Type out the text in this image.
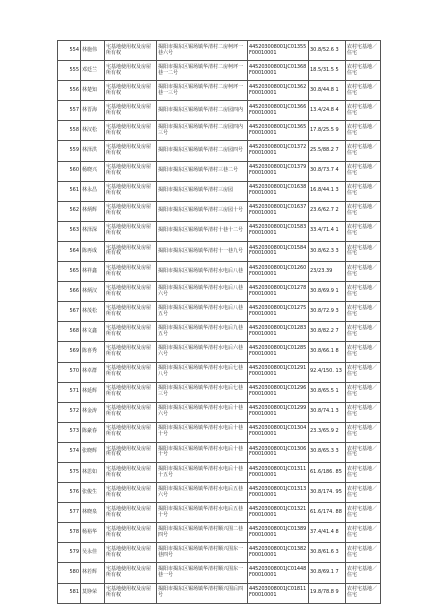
554	林施伟	宅基地使用权及房屋所有权	揭阳市揭东区锡场镇华清村二房柯坪一巷六号	445203008001JC01355F00010001	30.8/52.6 3	农村宅基地／住宅
555	邓廷兰	宅基地使用权及房屋所有权	揭阳市揭东区锡场镇华清村二房柯坪一巷一二号	445203008001JC01368F00010001	18.5/31.5 5	农村宅基地／住宅
556	林楚知	宅基地使用权及房屋所有权	揭阳市揭东区锡场镇华清村二房柯坪一巷一三号	445203008001JC01362F00010001	30.8/44.8 1	农村宅基地／住宅
557	林晋海	宅基地使用权及房屋所有权	揭阳市揭东区锡场镇华清村二房园四内	445203008001JC01366F00010001	13.4/24.8 4	农村宅基地／住宅
558	林汉松	宅基地使用权及房屋所有权	揭阳市揭东区锡场镇华清村二房园四内三号	445203008001JC01365F00010001	17.8/25.5 9	农村宅基地／住宅
559	林泽洪	宅基地使用权及房屋所有权	揭阳市揭东区锡场镇华清村二房园四号	445203008001JC01372F00010001	25.5/88.2 7	农村宅基地／住宅
560	杨晓兴	宅基地使用权及房屋所有权	揭阳市揭东区锡场镇华清村三巷二号	445203008001JC01379F00010001	30.8/73.7 4	农村宅基地／住宅
561	林永昌	宅基地使用权及房屋所有权	揭阳市揭东区锡场镇华清村三房园	445203008001JC01638F00010001	16.8/44.1 3	农村宅基地／住宅
562	林炳辉	宅基地使用权及房屋所有权	揭阳市揭东区锡场镇华清村三房园十号	445203008001JC01637F00010001	23.6/62.7 2	农村宅基地／住宅
563	林泽深	宅基地使用权及房屋所有权	揭阳市揭东区锡场镇华清村十巷十二号	445203008001JC01583F00010001	33.4/71.4 1	农村宅基地／住宅
564	陈再成	宅基地使用权及房屋所有权	揭阳市揭东区锡场镇华清村十一巷九号	445203008001JC01584F00010001	30.8/62.3 3	农村宅基地／住宅
565	林祥鑫	宅基地使用权及房屋所有权	揭阳市揭东区锡场镇华清村水电后八巷	445203008001JC01260F00010001	23/23.39	农村宅基地／住宅
566	林炳汉	宅基地使用权及房屋所有权	揭阳市揭东区锡场镇华清村水电后八巷六号	445203008001JC01278F00010001	30.8/69.9 1	农村宅基地／住宅
567	林茂松	宅基地使用权及房屋所有权	揭阳市揭东区锡场镇华清村水电后八巷五号	445203008001JC01275F00010001	30.8/72.9 3	农村宅基地／住宅
568	林文鑫	宅基地使用权及房屋所有权	揭阳市揭东区锡场镇华清村水电后九巷五号	445203008001JC01283F00010001	30.8/82.2 7	农村宅基地／住宅
569	陈喜秀	宅基地使用权及房屋所有权	揭阳市揭东区锡场镇华清村水电后六巷六号	445203008001JC01285F00010001	30.8/66.1 8	农村宅基地／住宅
570	林卓群	宅基地使用权及房屋所有权	揭阳市揭东区锡场镇华清村水电后七巷八号	445203008001JC01291F00010001	92.4/150. 13	农村宅基地／住宅
571	林延辉	宅基地使用权及房屋所有权	揭阳市揭东区锡场镇华清村水电后七巷三号	445203008001JC01296F00010001	30.8/65.5 1	农村宅基地／住宅
572	林金涛	宅基地使用权及房屋所有权	揭阳市揭东区锡场镇华清村水电后十巷六号	445203008001JC01299F00010001	30.8/74.1 3	农村宅基地／住宅
573	陈豪春	宅基地使用权及房屋所有权	揭阳市揭东区锡场镇华清村水电后十巷十号	445203008001JC01304F00010001	23.3/65.9 2	农村宅基地／住宅
574	张晓辉	宅基地使用权及房屋所有权	揭阳市揭东区锡场镇华清村水电后十巷十号	445203008001JC01306F00010001	30.8/65.3 3	农村宅基地／住宅
575	林思如	宅基地使用权及房屋所有权	揭阳市揭东区锡场镇华清村水电后十巷十五号	445203008001JC01311F00010001	61.6/186. 85	农村宅基地／住宅
576	张俊生	宅基地使用权及房屋所有权	揭阳市揭东区锡场镇华清村水电后五巷六号	445203008001JC01313F00010001	30.8/174. 95	农村宅基地／住宅
577	林晓泉	宅基地使用权及房屋所有权	揭阳市揭东区锡场镇华清村水电后五巷十号	445203008001JC01321F00010001	61.6/174. 88	农村宅基地／住宅
578	杨裕华	宅基地使用权及房屋所有权	揭阳市揭东区锡场镇华清村顺兴围二巷四号	445203008001JC01389F00010001	37.4/41.4 8	农村宅基地／住宅
579	吴永佳	宅基地使用权及房屋所有权	揭阳市揭东区锡场镇华清村顺兴围东一巷四号	445203008001JC01382F00010001	30.8/61.6 3	农村宅基地／住宅
580	林若辉	宅基地使用权及房屋所有权	揭阳市揭东区锡场镇华清村顺兴围东一巷一号	445203008001JC01448F00010001	30.8/69.1 7	农村宅基地／住宅
581	莫铮荣	宅基地使用权及房屋所有权	揭阳市揭东区锡场镇华清村顺兴围后四号	445203008001JC01811F00010001	19.8/78.8 9	农村宅基地／住宅
